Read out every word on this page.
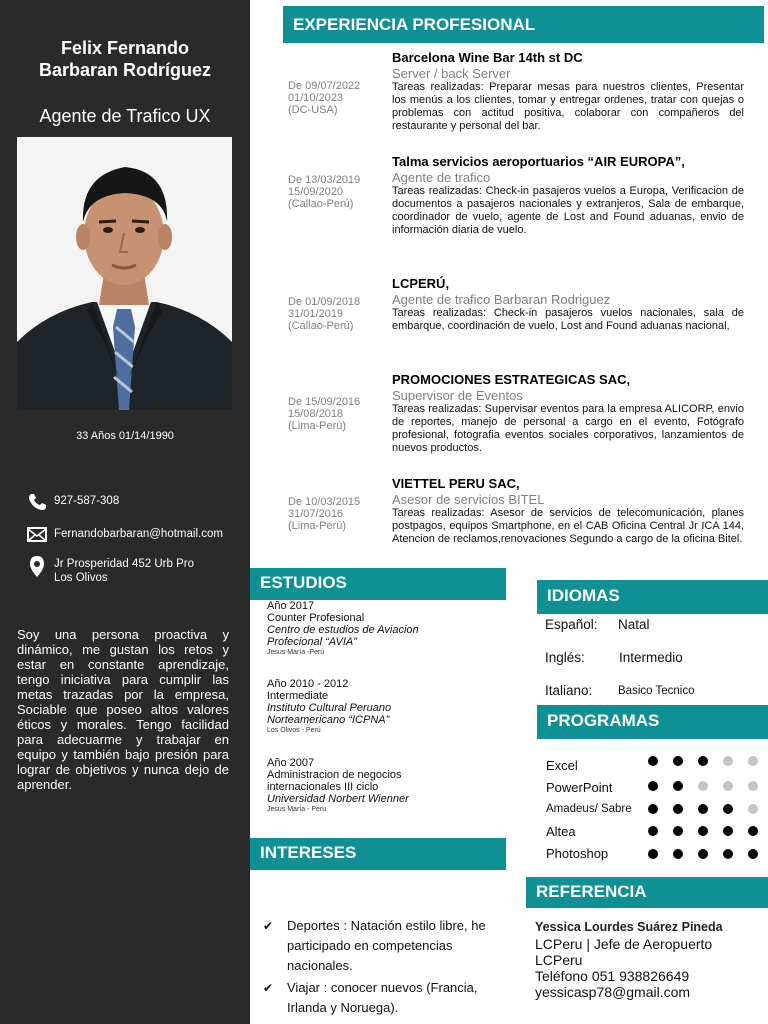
Felix Fernando
Barbaran Rodríguez
Agente de Trafico UX
33 Años 01/14/1990
927-587-308
Fernandobarbaran@hotmail.com
Jr Prosperidad 452 Urb Pro
Los Olivos
Soy una persona proactiva y dinámico, me gustan los retos y estar en constante aprendizaje, tengo iniciativa para cumplir las metas trazadas por la empresa, Sociable que poseo altos valores éticos y morales. Tengo facilidad para adecuarme y trabajar en equipo y también bajo presión para lograr de objetivos y nunca dejo de aprender.
EXPERIENCIA PROFESIONAL
De 09/07/2022
01/10/2023
(DC-USA)
Barcelona Wine Bar 14th st DC
Server / back Server
Tareas realizadas: Preparar mesas para nuestros clientes, Presentar los menús a los clientes, tomar y entregar ordenes, tratar con quejas o problemas con actitud positiva, colaborar con compañeros del restaurante y personal del bar.
De 13/03/2019
15/09/2020
(Callao-Perú)
Talma servicios aeroportuarios “AIR EUROPA”,
Agente de trafico
Tareas realizadas: Check-in pasajeros vuelos a Europa, Verificacion de documentos a pasajeros nacionales y extranjeros, Sala de embarque, coordinador de vuelo, agente de Lost and Found aduanas, envio de información diaria de vuelo.
De 01/09/2018
31/01/2019
(Callao-Perú)
LCPERÚ,
Agente de trafico Barbaran Rodriguez
Tareas realizadas: Check-in pasajeros vuelos nacionales, sala de embarque, coordinación de vuelo, Lost and Found aduanas nacional,
De 15/09/2016
15/08/2018
(Lima-Perú)
PROMOCIONES ESTRATEGICAS SAC,
Supervisor de Eventos
Tareas realizadas: Supervisar eventos para la empresa ALICORP, envio de reportes, manejo de personal a cargo en el evento, Fotógrafo profesional, fotografia eventos sociales corporativos, lanzamientos de nuevos productos.
De 10/03/2015
31/07/2016
(Lima-Perú)
VIETTEL PERU SAC,
Asesor de servicios BITEL
Tareas realizadas: Asesor de servicios de telecomunicación, planes postpagos, equipos Smartphone, en el CAB Oficina Central Jr ICA 144, Atencion de reclamos,renovaciones Segundo a cargo de la oficina Bitel.
ESTUDIOS
Año 2017
Counter Profesional
Centro de estudios de Aviacion
Profecional “AVIA”
Jesus María -Perú
Año 2010 - 2012
Intermediate
Instituto Cultural Peruano
Norteamericano “ICPNA”
Los Olivos - Perú
Año 2007
Administracion de negocios internacionales III ciclo
Universidad Norbert Wienner
Jesus María - Peru
INTERESES
✔ Deportes : Natación estilo libre, he participado en competencias nacionales.
✔ Viajar : conocer nuevos (Francia, Irlanda y Noruega).
IDIOMAS
Español: Natal
Inglés:	Intermedio
Italiano: Basico Tecnico
PROGRAMAS
Excel
PowerPoint
Amadeus/ Sabre
Altea
Photoshop
REFERENCIA
Yessica Lourdes Suárez Pineda
LCPeru | Jefe de Aeropuerto
LCPeru
Teléfono 051 938826649
yessicasp78@gmail.com
